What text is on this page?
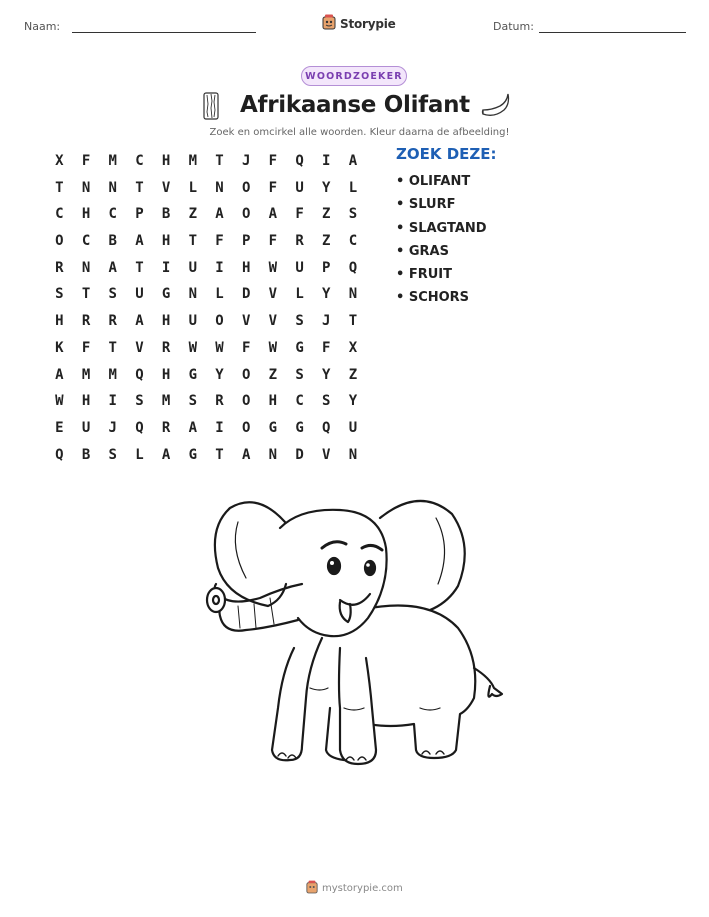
Naam:	Storypie	Datum:
WOORDZOEKER
Afrikaanse Olifant
Zoek en omcirkel alle woorden. Kleur daarna de afbeelding!
X	F	M	C	H	M	T	J	F	Q	I	A
T	N	N	T	V	L	N	O	F	U	Y	L
C	H	C	P	B	Z	A	O	A	F	Z	S
O	C	B	A	H	T	F	P	F	R	Z	C
R	N	A	T	I	U	I	H	W	U	P	Q
S	T	S	U	G	N	L	D	V	L	Y	N
H	R	R	A	H	U	O	V	V	S	J	T
K	F	T	V	R	W	W	F	W	G	F	X
A	M	M	Q	H	G	Y	O	Z	S	Y	Z
W	H	I	S	M	S	R	O	H	C	S	Y
E	U	J	Q	R	A	I	O	G	G	Q	U
Q	B	S	L	A	G	T	A	N	D	V	N
ZOEK DEZE:
• OLIFANT
• SLURF
• SLAGTAND
• GRAS
• FRUIT
• SCHORS
mystorypie.com
